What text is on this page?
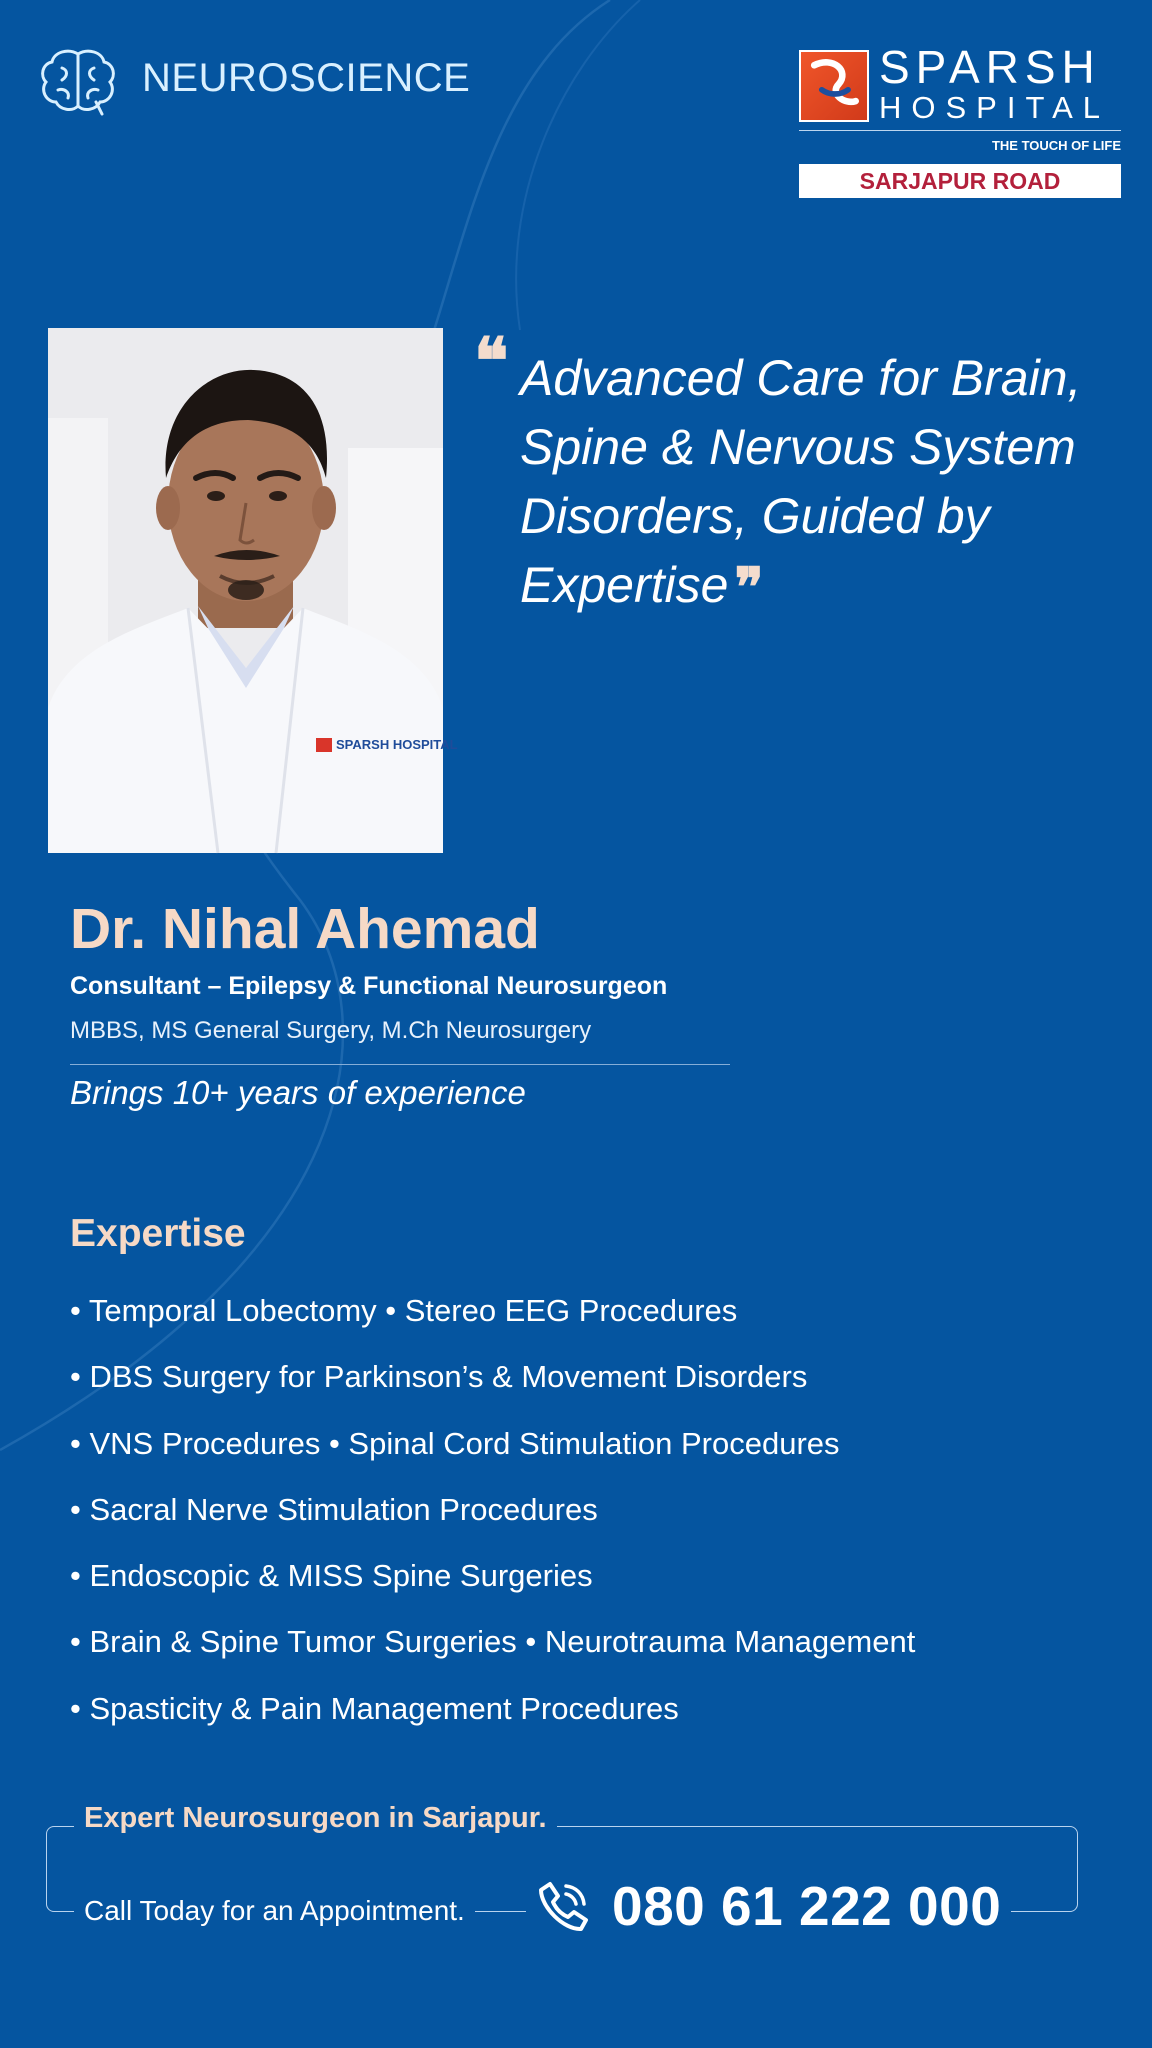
NEUROSCIENCE	SPARSH
HOSPITAL
THE TOUCH OF LIFE
SARJAPUR ROAD
SPARSH HOSPITAL
❝ Advanced Care for Brain, Spine & Nervous System Disorders, Guided by Expertise ❞
Dr. Nihal Ahemad
Consultant – Epilepsy & Functional Neurosurgeon
MBBS, MS General Surgery, M.Ch Neurosurgery
Brings 10+ years of experience
Expertise
• Temporal Lobectomy • Stereo EEG Procedures
• DBS Surgery for Parkinson’s & Movement Disorders
• VNS Procedures • Spinal Cord Stimulation Procedures
• Sacral Nerve Stimulation Procedures
• Endoscopic & MISS Spine Surgeries
• Brain & Spine Tumor Surgeries • Neurotrauma Management
• Spasticity & Pain Management Procedures
Expert Neurosurgeon in Sarjapur.
Call Today for an Appointment.	080 61 222 000
